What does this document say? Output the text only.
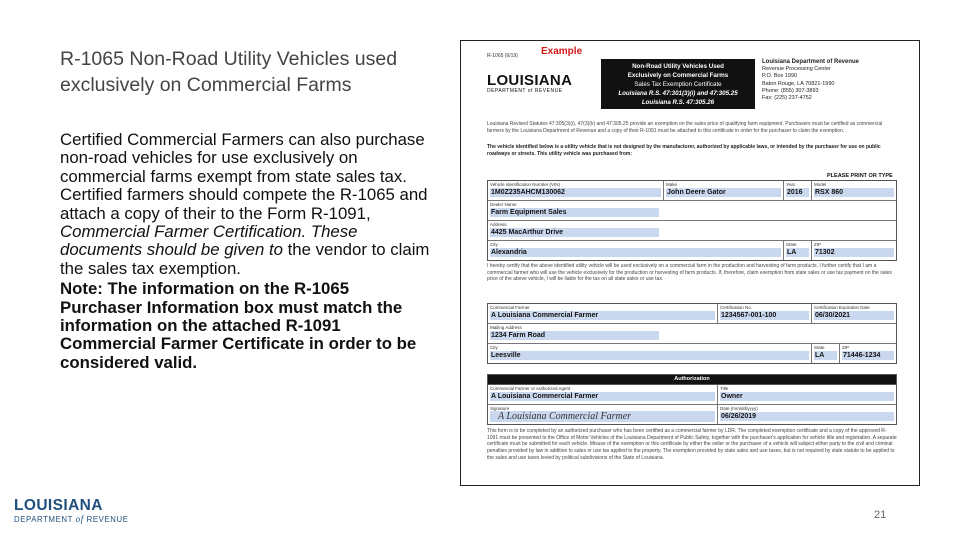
R-1065 Non-Road Utility Vehicles used exclusively on Commercial Farms

Certified Commercial Farmers can also purchase non-road vehicles for use exclusively on commercial farms exempt from state sales tax. Certified farmers should compete the R-1065 and attach a copy of their to the Form R-1091, Commercial Farmer Certification. These documents should be given to the vendor to claim the sales tax exemption.

Note: The information on the R-1065 Purchaser Information box must match the information on the attached R-1091 Commercial Farmer Certificate in order to be considered valid.

R-1065 (6/19) Example
LOUISIANA
DEPARTMENT of REVENUE
Non-Road Utility Vehicles Used
Exclusively on Commercial Farms
Sales Tax Exemption Certificate
Louisiana R.S. 47:301(3)(i) and 47:305.25
Louisiana R.S. 47:305.26
Louisiana Department of Revenue
Revenue Processing Center
P.O. Box 1990
Baton Rouge, LA 70821-1990
Phone: (855) 307-3893
Fax: (225) 237-4752
Louisiana Revised Statutes 47:305(3)(i), 47(3)(k) and 47:305.25 provide an exemption on the sales price of qualifying farm equipment. Purchasers must be certified as commercial farmers by the Louisiana Department of Revenue and a copy of their R-1091 must be attached to this certificate in order for the purchaser to claim the exemption.
The vehicle identified below is a utility vehicle that is not designed by the manufacturer, authorized by applicable laws, or intended by the purchaser for use on public roadways or streets. This utility vehicle was purchased from:
PLEASE PRINT OR TYPE
Vehicle Identification Number (VIN)
1M0Z235AHCM130062
Make
John Deere Gator
Year
2016
Model
RSX 860
Dealer Name
Farm Equipment Sales
Address
4425 MacArthur Drive
City
Alexandria
State
LA
ZIP
71302
I hereby certify that the above identified utility vehicle will be used exclusively on a commercial farm in the production and harvesting of farm products. I further certify that I am a commercial farmer who will use the vehicle exclusively for the production or harvesting of farm products. If, therefore, claim exemption from state sales or use tax payment on the sales price of the above vehicle, I will be liable for the tax on all state sales or use tax.
Commercial Farmer
A Louisiana Commercial Farmer
Certification No.
1234567-001-100
Certification Expiration Date
06/30/2021
Mailing Address
1234 Farm Road
City
Leesville
State
LA
ZIP
71446-1234
Authorization
Commercial Farmer or Authorized Agent
A Louisiana Commercial Farmer
Title
Owner
Signature
A Louisiana Commercial Farmer
Date (mm/dd/yyyy)
06/26/2019
This form is to be completed by an authorized purchaser who has been certified as a commercial farmer by LDR. The completed exemption certificate and a copy of the approved R-1091 must be presented to the Office of Motor Vehicles of the Louisiana Department of Public Safety, together with the purchaser's application for vehicle title and registration. A separate certificate must be submitted for each vehicle. Misuse of the exemption or this certificate by either the seller or the purchaser of a vehicle will subject either party to the civil and criminal penalties provided by law in addition to sales or use tax applied to the property. The exemption provided by state sales and use taxes, but is not required by state statute to be applied to the sales and use taxes levied by political subdivisions of the State of Louisiana.
LOUISIANA
DEPARTMENT of REVENUE	21
